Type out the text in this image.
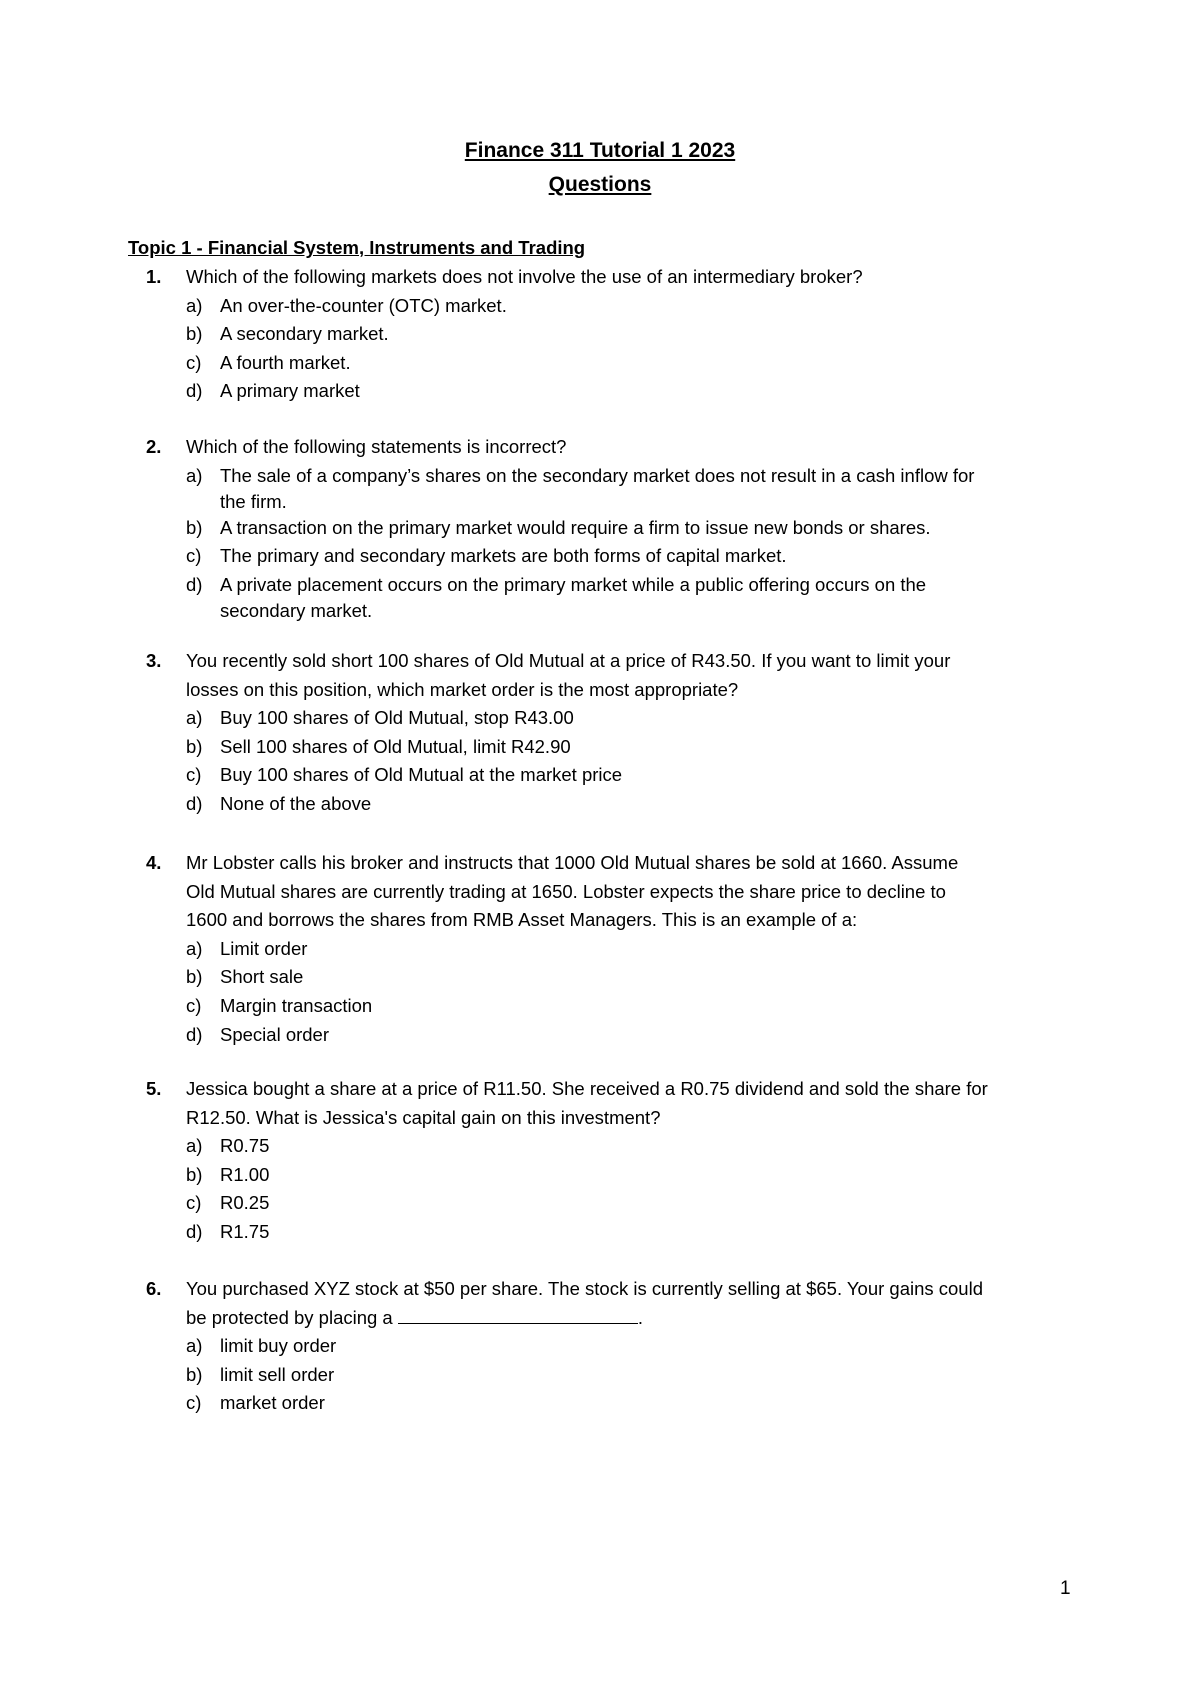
Finance 311 Tutorial 1 2023
Questions
Topic 1 - Financial System, Instruments and Trading
1. Which of the following markets does not involve the use of an intermediary broker?
a) An over-the-counter (OTC) market.
b) A secondary market.
c) A fourth market.
d) A primary market
2. Which of the following statements is incorrect?
a) The sale of a company’s shares on the secondary market does not result in a cash inflow for
the firm.
b) A transaction on the primary market would require a firm to issue new bonds or shares.
c) The primary and secondary markets are both forms of capital market.
d) A private placement occurs on the primary market while a public offering occurs on the
secondary market.
3. You recently sold short 100 shares of Old Mutual at a price of R43.50. If you want to limit your
losses on this position, which market order is the most appropriate?
a) Buy 100 shares of Old Mutual, stop R43.00
b) Sell 100 shares of Old Mutual, limit R42.90
c) Buy 100 shares of Old Mutual at the market price
d) None of the above
4. Mr Lobster calls his broker and instructs that 1000 Old Mutual shares be sold at 1660. Assume
Old Mutual shares are currently trading at 1650. Lobster expects the share price to decline to
1600 and borrows the shares from RMB Asset Managers. This is an example of a:
a) Limit order
b) Short sale
c) Margin transaction
d) Special order
5. Jessica bought a share at a price of R11.50. She received a R0.75 dividend and sold the share for
R12.50. What is Jessica's capital gain on this investment?
a) R0.75
b) R1.00
c) R0.25
d) R1.75
6. You purchased XYZ stock at $50 per share. The stock is currently selling at $65. Your gains could
be protected by placing a	.
a) limit buy order
b) limit sell order
c) market order
1
